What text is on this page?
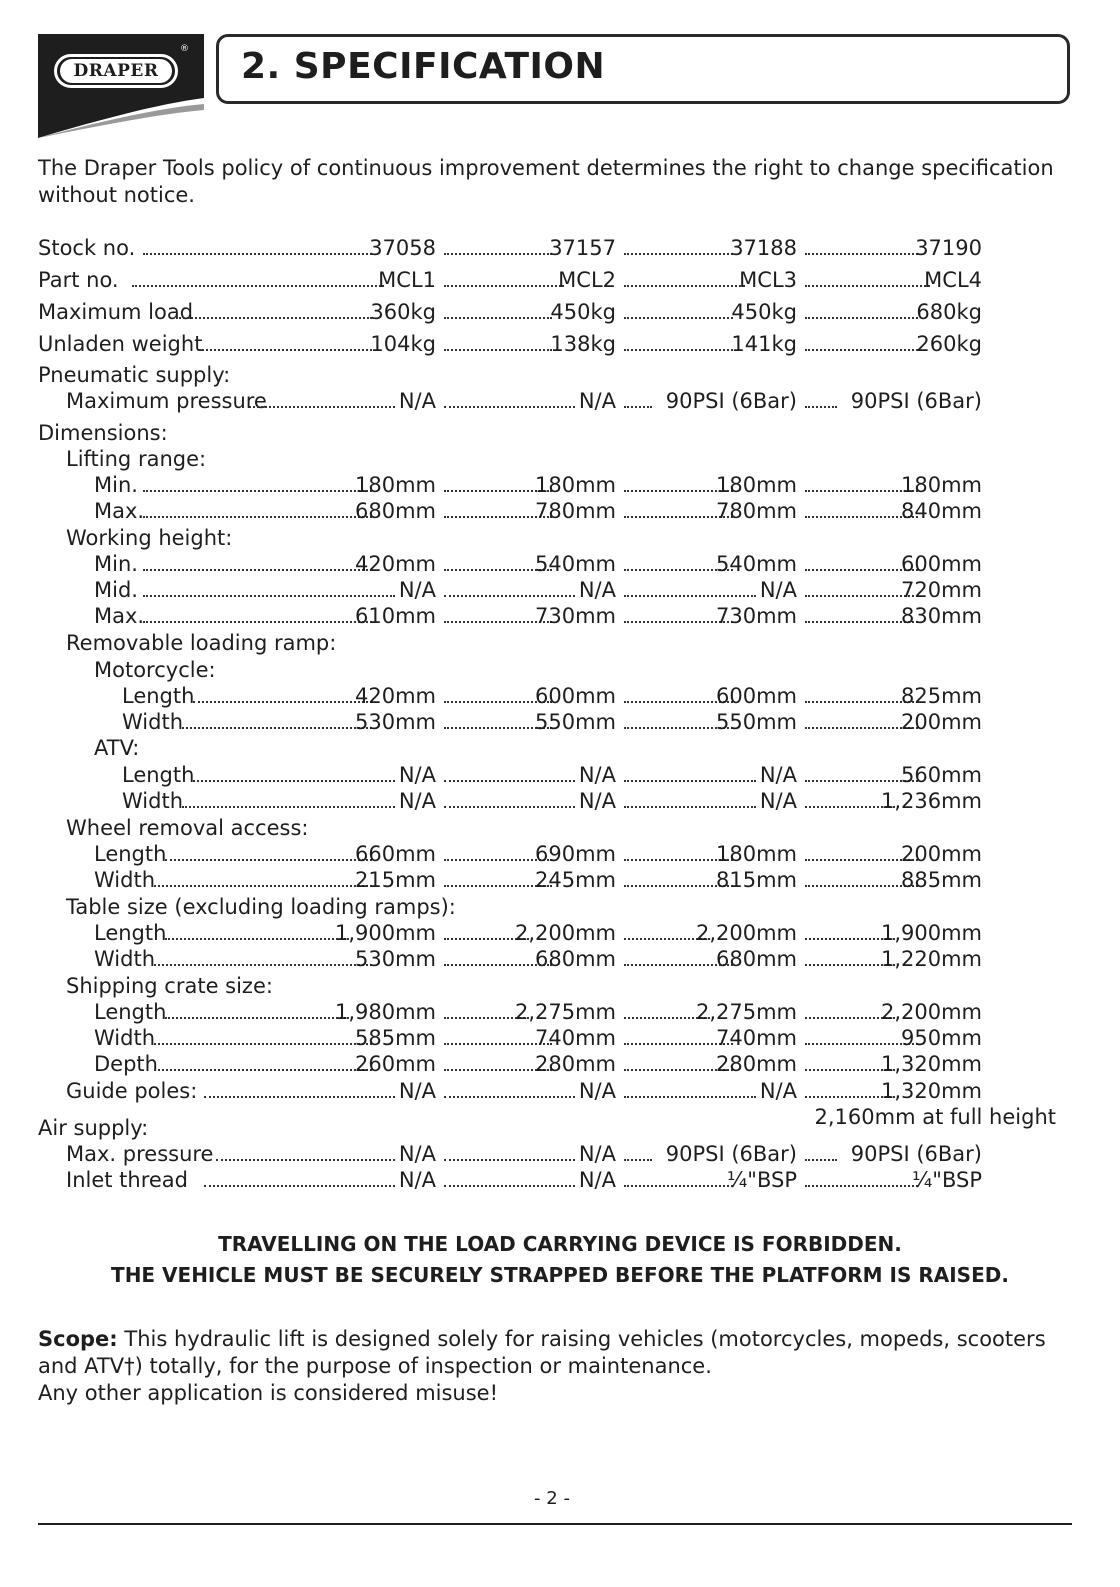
DRAPER
® 2. SPECIFICATION
The Draper Tools policy of continuous improvement determines the right to change specification without notice.
Stock no.	37058	37157	37188	37190
Part no.	MCL1	MCL2	MCL3	MCL4
Maximum load	360kg	450kg	450kg	680kg
Unladen weight	104kg	138kg	141kg	260kg
Pneumatic supply:
Maximum pressure	N/A	N/A	90PSI (6Bar)	90PSI (6Bar)
Dimensions:
Lifting range:
Min.	180mm	180mm	180mm	180mm
Max.	680mm	780mm	780mm	840mm
Working height:
Min.	420mm	540mm	540mm	600mm
Mid.	N/A	N/A	N/A	720mm
Max.	610mm	730mm	730mm	830mm
Removable loading ramp:
Motorcycle:
Length	420mm	600mm	600mm	825mm
Width	530mm	550mm	550mm	200mm
ATV:
Length	N/A	N/A	N/A	560mm
Width	N/A	N/A	N/A	1,236mm
Wheel removal access:
Length	660mm	690mm	180mm	200mm
Width	215mm	245mm	815mm	885mm
Table size (excluding loading ramps):
Length	1,900mm	2,200mm	2,200mm	1,900mm
Width	530mm	680mm	680mm	1,220mm
Shipping crate size:
Length	1,980mm	2,275mm	2,275mm	2,200mm
Width	585mm	740mm	740mm	950mm
Depth	260mm	280mm	280mm	1,320mm
Guide poles:	N/A	N/A	N/A	1,320mm
Air supply:
Max. pressure	N/A	N/A	90PSI (6Bar)	90PSI (6Bar)
Inlet thread	N/A	N/A	¼"BSP	¼"BSP
2,160mm at full height
TRAVELLING ON THE LOAD CARRYING DEVICE IS FORBIDDEN.
THE VEHICLE MUST BE SECURELY STRAPPED BEFORE THE PLATFORM IS RAISED.
Scope: This hydraulic lift is designed solely for raising vehicles (motorcycles, mopeds, scooters and ATV†) totally, for the purpose of inspection or maintenance.
Any other application is considered misuse!
- 2 -
